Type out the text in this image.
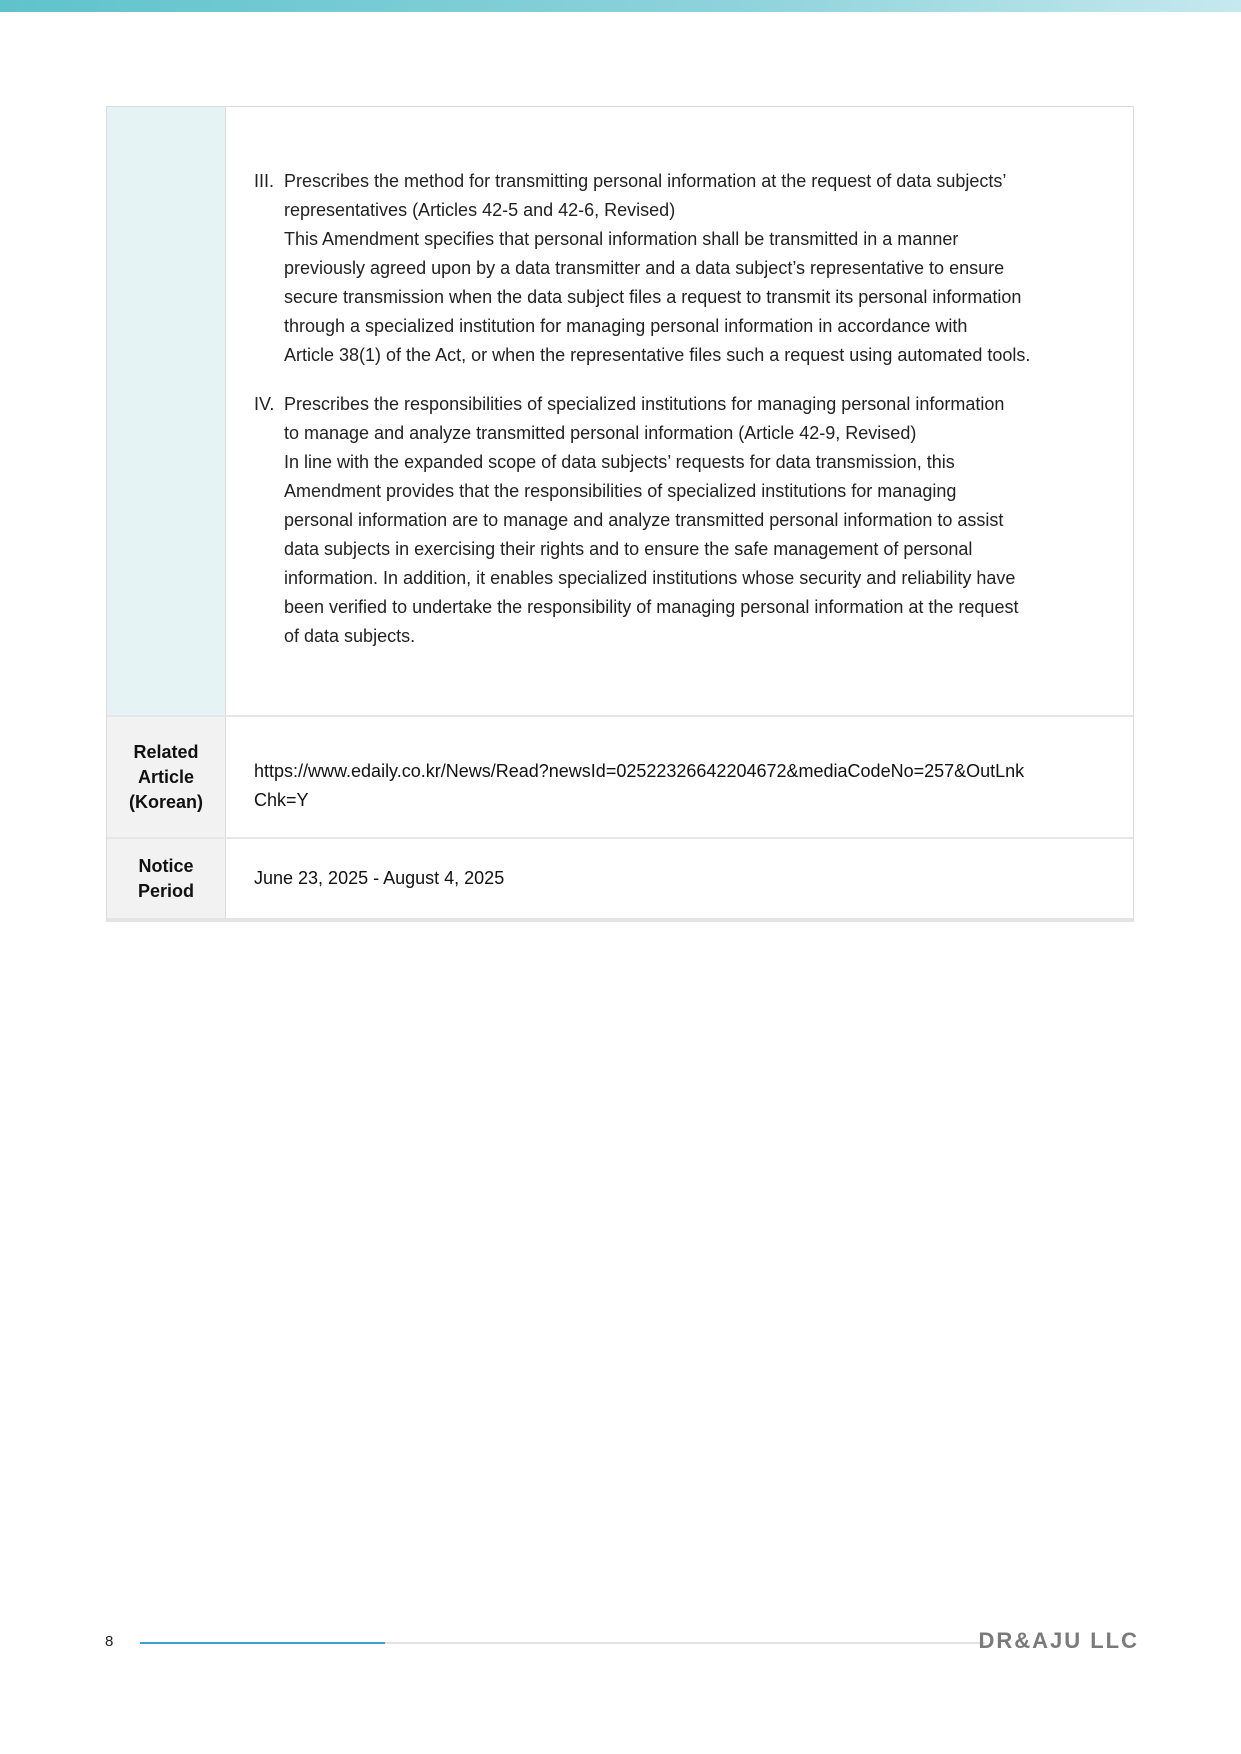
III. Prescribes the method for transmitting personal information at the request of data subjects’
representatives (Articles 42-5 and 42-6, Revised)
This Amendment specifies that personal information shall be transmitted in a manner
previously agreed upon by a data transmitter and a data subject’s representative to ensure
secure transmission when the data subject files a request to transmit its personal information
through a specialized institution for managing personal information in accordance with
Article 38(1) of the Act, or when the representative files such a request using automated tools.
IV. Prescribes the responsibilities of specialized institutions for managing personal information
to manage and analyze transmitted personal information (Article 42-9, Revised)
In line with the expanded scope of data subjects’ requests for data transmission, this
Amendment provides that the responsibilities of specialized institutions for managing
personal information are to manage and analyze transmitted personal information to assist
data subjects in exercising their rights and to ensure the safe management of personal
information. In addition, it enables specialized institutions whose security and reliability have
been verified to undertake the responsibility of managing personal information at the request
of data subjects.
Related
Article
(Korean)
https://www.edaily.co.kr/News/Read?newsId=02522326642204672&mediaCodeNo=257&OutLnk
Chk=Y
Notice
Period
June 23, 2025 - August 4, 2025
8	DR&AJU LLC
